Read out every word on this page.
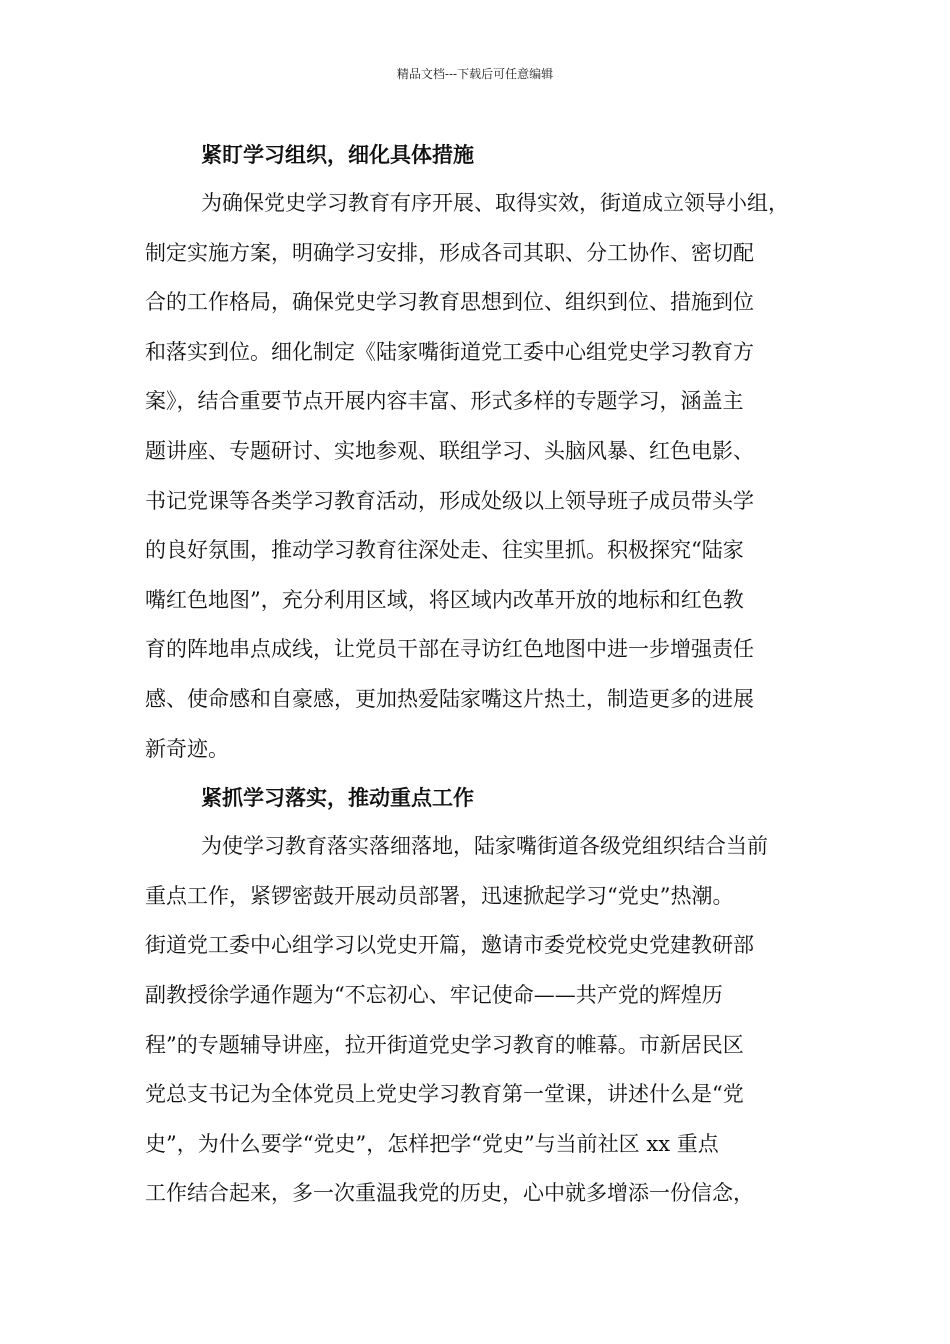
精品文档---下载后可任意编辑
紧盯学习组织，细化具体措施

为确保党史学习教育有序开展、取得实效，街道成立领导小组，
制定实施方案，明确学习安排，形成各司其职、分工协作、密切配
合的工作格局，确保党史学习教育思想到位、组织到位、措施到位
和落实到位。细化制定《陆家嘴街道党工委中心组党史学习教育方
案》，结合重要节点开展内容丰富、形式多样的专题学习，涵盖主
题讲座、专题研讨、实地参观、联组学习、头脑风暴、红色电影、
书记党课等各类学习教育活动，形成处级以上领导班子成员带头学
的良好氛围，推动学习教育往深处走、往实里抓。积极探究“陆家
嘴红色地图”，充分利用区域，将区域内改革开放的地标和红色教
育的阵地串点成线，让党员干部在寻访红色地图中进一步增强责任
感、使命感和自豪感，更加热爱陆家嘴这片热土，制造更多的进展
新奇迹。

紧抓学习落实，推动重点工作

为使学习教育落实落细落地，陆家嘴街道各级党组织结合当前
重点工作，紧锣密鼓开展动员部署，迅速掀起学习“党史”热潮。
街道党工委中心组学习以党史开篇，邀请市委党校党史党建教研部
副教授徐学通作题为“不忘初心、牢记使命——共产党的辉煌历
程”的专题辅导讲座，拉开街道党史学习教育的帷幕。市新居民区
党总支书记为全体党员上党史学习教育第一堂课，讲述什么是“党
史”，为什么要学“党史”，怎样把学“党史”与当前社区 xx 重点
工作结合起来，多一次重温我党的历史，心中就多增添一份信念，
